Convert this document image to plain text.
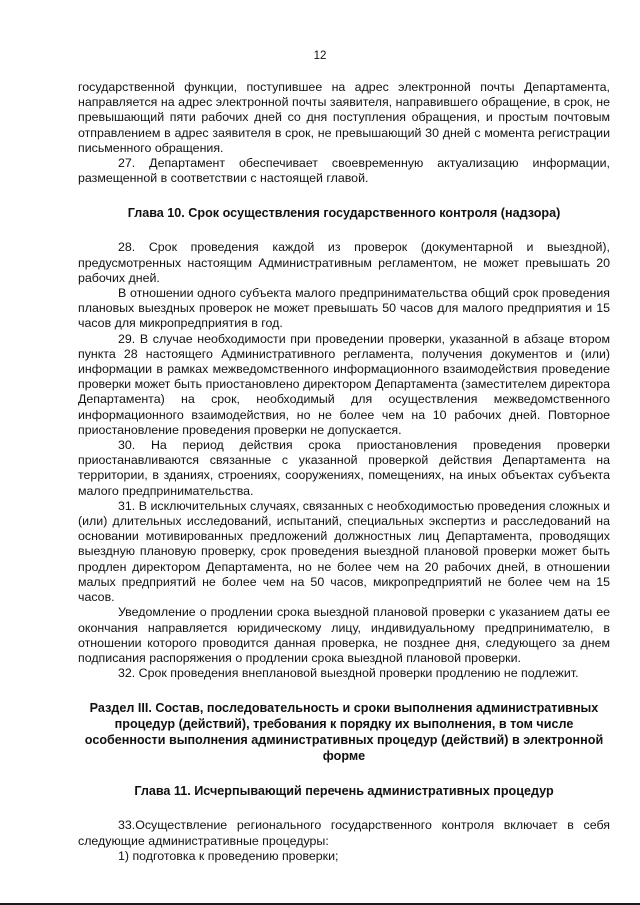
12

государственной функции, поступившее на адрес электронной почты Департамента, направляется на адрес электронной почты заявителя, направившего обращение, в срок, не превышающий пяти рабочих дней со дня поступления обращения, и простым почтовым отправлением в адрес заявителя в срок, не превышающий 30 дней с момента регистрации письменного обращения.

27. Департамент обеспечивает своевременную актуализацию информации, размещенной в соответствии с настоящей главой.

Глава 10. Срок осуществления государственного контроля (надзора)

28. Срок проведения каждой из проверок (документарной и выездной), предусмотренных настоящим Административным регламентом, не может превышать 20 рабочих дней.

В отношении одного субъекта малого предпринимательства общий срок проведения плановых выездных проверок не может превышать 50 часов для малого предприятия и 15 часов для микропредприятия в год.

29. В случае необходимости при проведении проверки, указанной в абзаце втором пункта 28 настоящего Административного регламента, получения документов и (или) информации в рамках межведомственного информационного взаимодействия проведение проверки может быть приостановлено директором Департамента (заместителем директора Департамента) на срок, необходимый для осуществления межведомственного информационного взаимодействия, но не более чем на 10 рабочих дней. Повторное приостановление проведения проверки не допускается.

30. На период действия срока приостановления проведения проверки приостанавливаются связанные с указанной проверкой действия Департамента на территории, в зданиях, строениях, сооружениях, помещениях, на иных объектах субъекта малого предпринимательства.

31. В исключительных случаях, связанных с необходимостью проведения сложных и (или) длительных исследований, испытаний, специальных экспертиз и расследований на основании мотивированных предложений должностных лиц Департамента, проводящих выездную плановую проверку, срок проведения выездной плановой проверки может быть продлен директором Департамента, но не более чем на 20 рабочих дней, в отношении малых предприятий не более чем на 50 часов, микропредприятий не более чем на 15 часов.

Уведомление о продлении срока выездной плановой проверки с указанием даты ее окончания направляется юридическому лицу, индивидуальному предпринимателю, в отношении которого проводится данная проверка, не позднее дня, следующего за днем подписания распоряжения о продлении срока выездной плановой проверки.

32. Срок проведения внеплановой выездной проверки продлению не подлежит.

Раздел III. Состав, последовательность и сроки выполнения административных процедур (действий), требования к порядку их выполнения, в том числе особенности выполнения административных процедур (действий) в электронной форме

Глава 11. Исчерпывающий перечень административных процедур

33.Осуществление регионального государственного контроля включает в себя следующие административные процедуры:

1) подготовка к проведению проверки;
